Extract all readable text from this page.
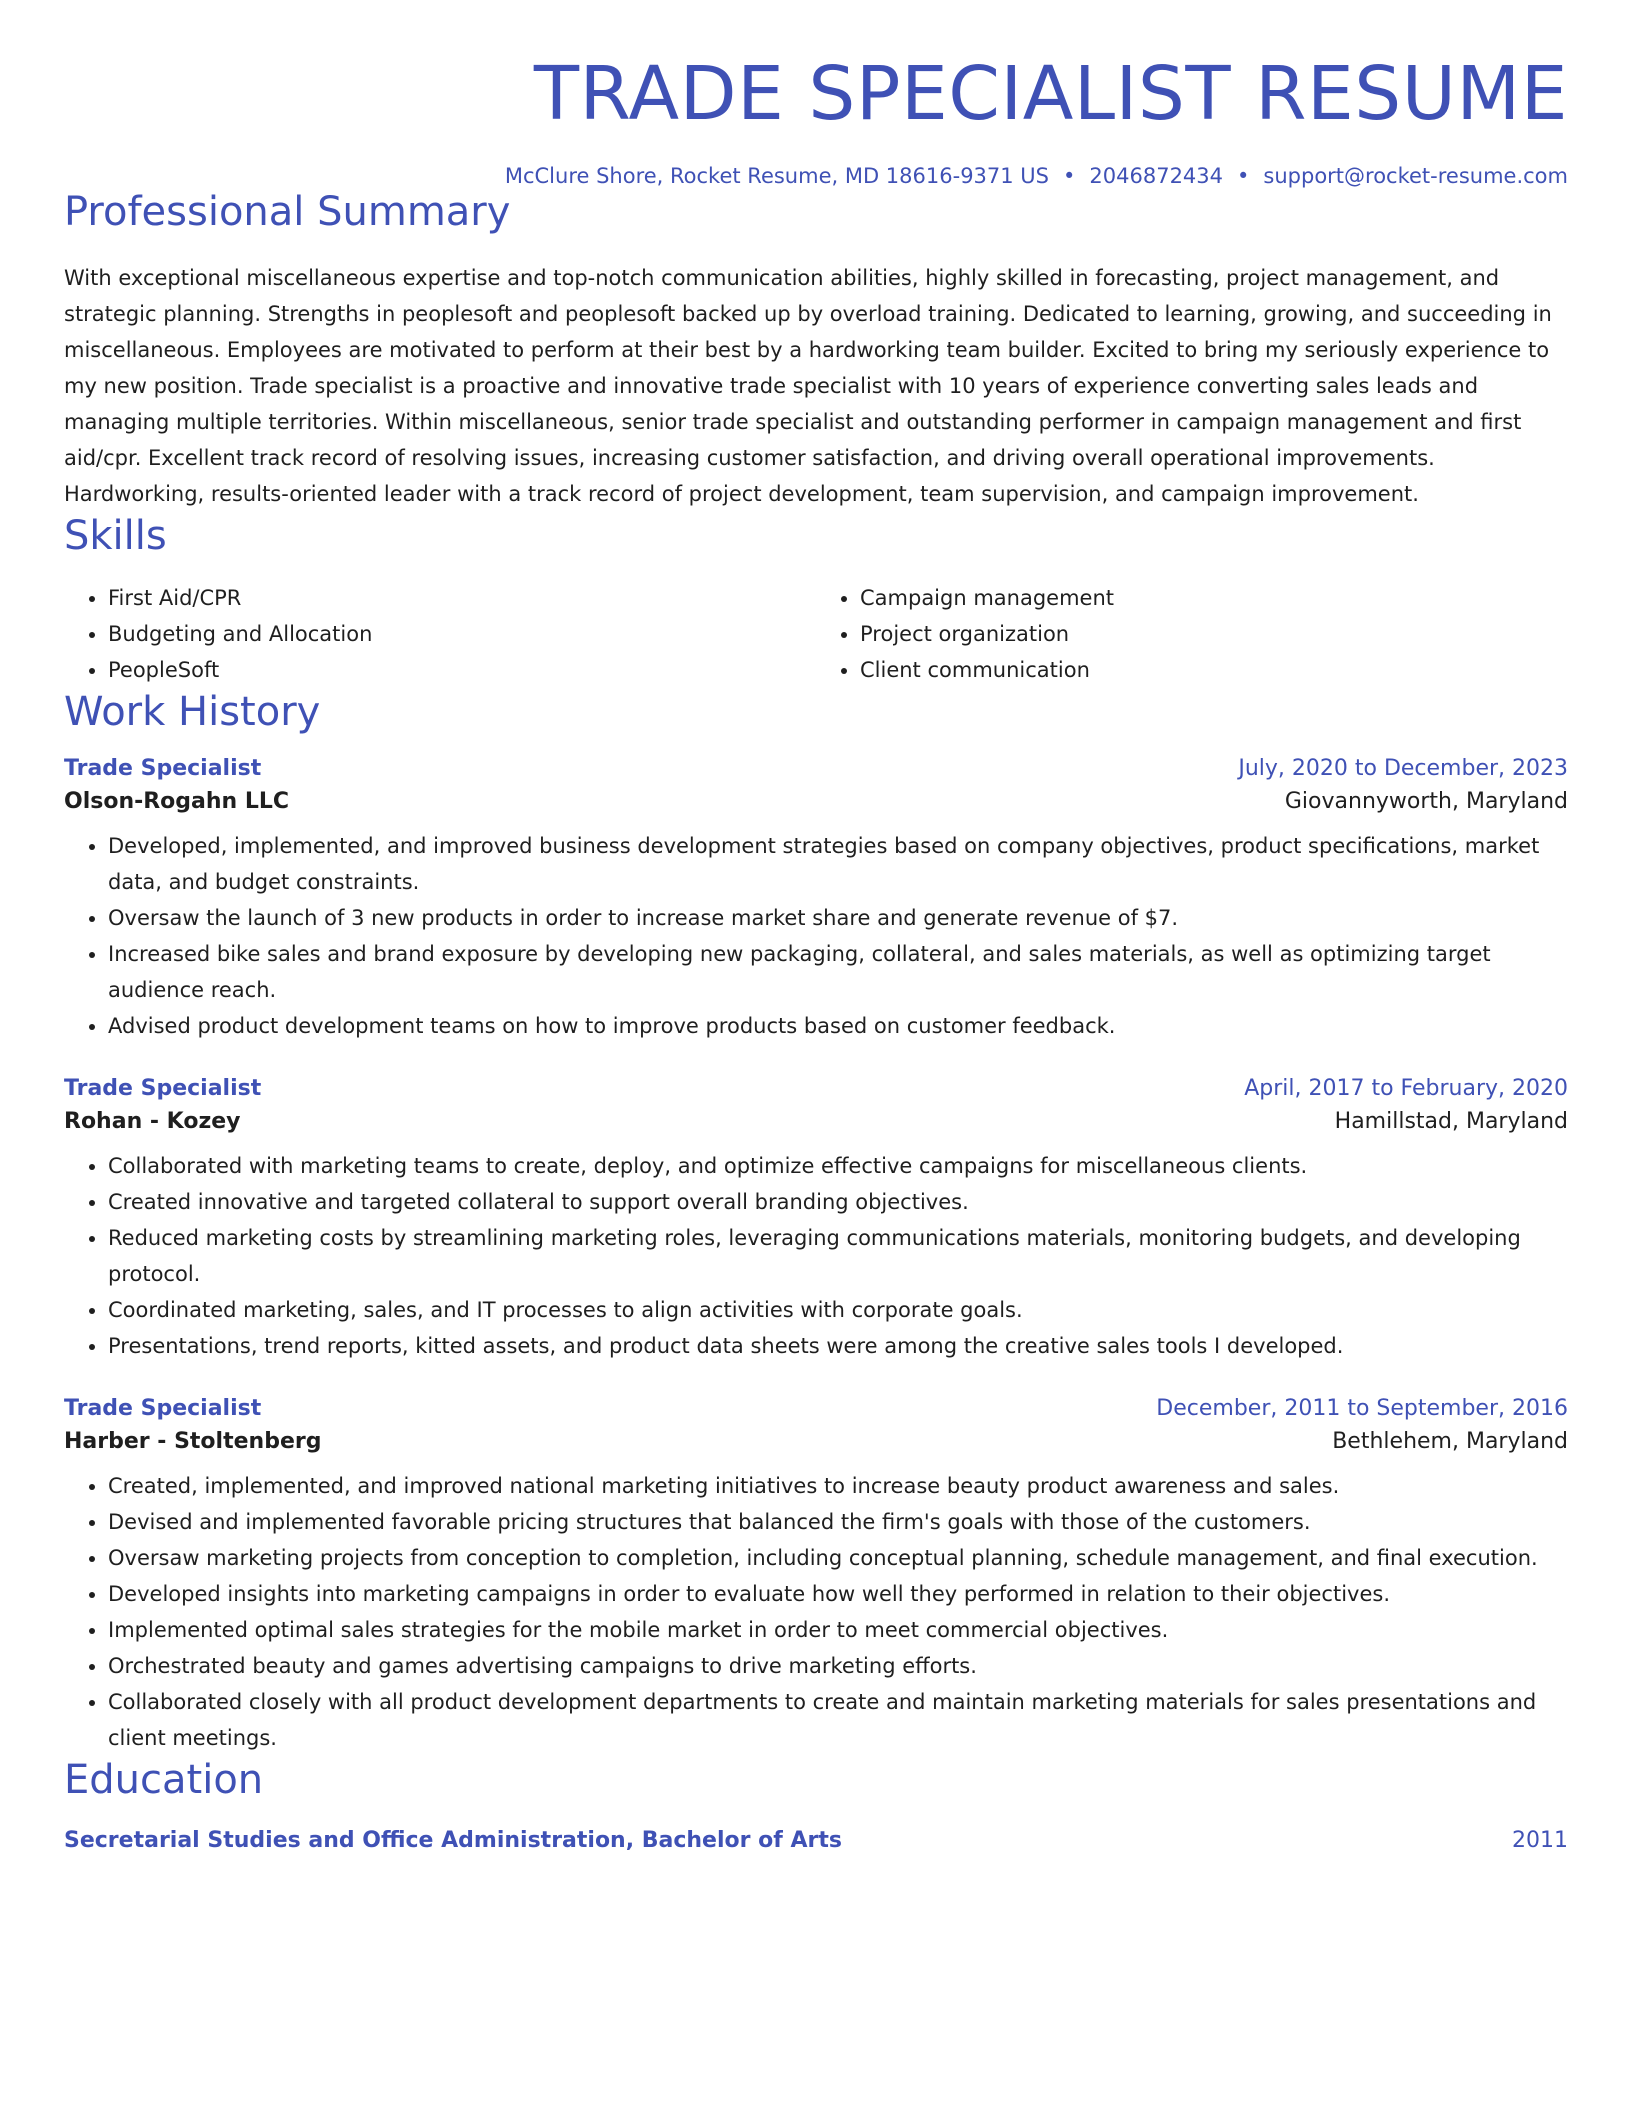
TRADE SPECIALIST RESUME
McClure Shore, Rocket Resume, MD 18616-9371 US • 2046872434 • support@rocket-resume.com
Professional Summary
With exceptional miscellaneous expertise and top-notch communication abilities, highly skilled in forecasting, project management, and strategic planning. Strengths in peoplesoft and peoplesoft backed up by overload training. Dedicated to learning, growing, and succeeding in miscellaneous. Employees are motivated to perform at their best by a hardworking team builder. Excited to bring my seriously experience to my new position. Trade specialist is a proactive and innovative trade specialist with 10 years of experience converting sales leads and managing multiple territories. Within miscellaneous, senior trade specialist and outstanding performer in campaign management and first aid/cpr. Excellent track record of resolving issues, increasing customer satisfaction, and driving overall operational improvements. Hardworking, results-oriented leader with a track record of project development, team supervision, and campaign improvement.
Skills
• First Aid/CPR
• Budgeting and Allocation
• PeopleSoft
• Campaign management
• Project organization
• Client communication
Work History
Trade Specialist	July, 2020 to December, 2023
Olson-Rogahn LLC	Giovannyworth, Maryland
• Developed, implemented, and improved business development strategies based on company objectives, product specifications, market data, and budget constraints.
• Oversaw the launch of 3 new products in order to increase market share and generate revenue of $7.
• Increased bike sales and brand exposure by developing new packaging, collateral, and sales materials, as well as optimizing target audience reach.
• Advised product development teams on how to improve products based on customer feedback.
Trade Specialist	April, 2017 to February, 2020
Rohan - Kozey	Hamillstad, Maryland
• Collaborated with marketing teams to create, deploy, and optimize effective campaigns for miscellaneous clients.
• Created innovative and targeted collateral to support overall branding objectives.
• Reduced marketing costs by streamlining marketing roles, leveraging communications materials, monitoring budgets, and developing protocol.
• Coordinated marketing, sales, and IT processes to align activities with corporate goals.
• Presentations, trend reports, kitted assets, and product data sheets were among the creative sales tools I developed.
Trade Specialist	December, 2011 to September, 2016
Harber - Stoltenberg	Bethlehem, Maryland
• Created, implemented, and improved national marketing initiatives to increase beauty product awareness and sales.
• Devised and implemented favorable pricing structures that balanced the firm's goals with those of the customers.
• Oversaw marketing projects from conception to completion, including conceptual planning, schedule management, and final execution.
• Developed insights into marketing campaigns in order to evaluate how well they performed in relation to their objectives.
• Implemented optimal sales strategies for the mobile market in order to meet commercial objectives.
• Orchestrated beauty and games advertising campaigns to drive marketing efforts.
• Collaborated closely with all product development departments to create and maintain marketing materials for sales presentations and client meetings.
Education
Secretarial Studies and Office Administration, Bachelor of Arts	2011
